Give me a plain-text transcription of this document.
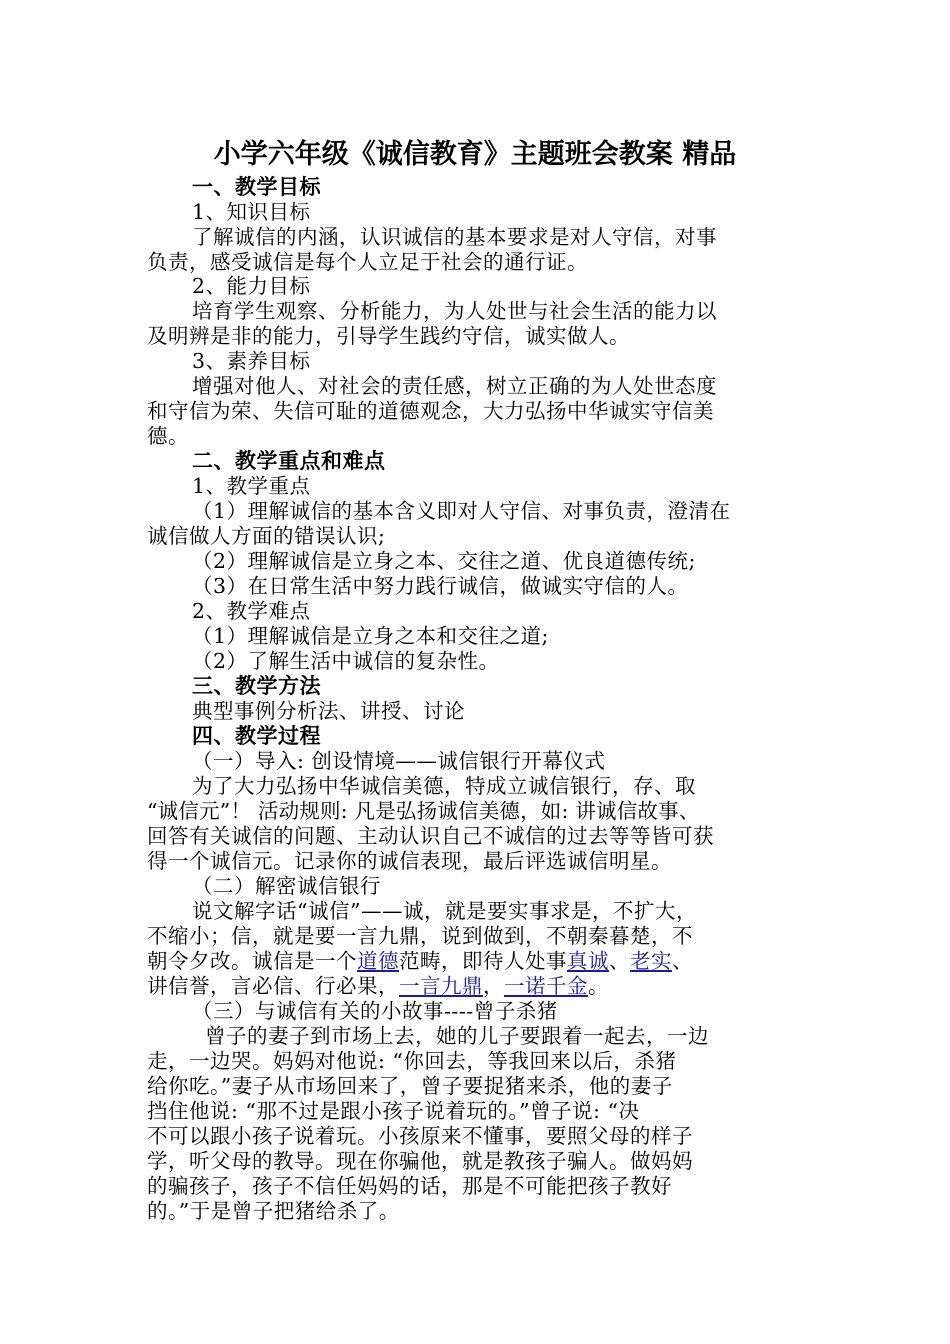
小学六年级《诚信教育》主题班会教案 精品
一、教学目标
1、知识目标
了解诚信的内涵，认识诚信的基本要求是对人守信，对事
负责，感受诚信是每个人立足于社会的通行证。
2、能力目标
培育学生观察、分析能力，为人处世与社会生活的能力以
及明辨是非的能力，引导学生践约守信，诚实做人。
3、素养目标
增强对他人、对社会的责任感，树立正确的为人处世态度
和守信为荣、失信可耻的道德观念，大力弘扬中华诚实守信美
德。
二、教学重点和难点
1、教学重点
（1）理解诚信的基本含义即对人守信、对事负责，澄清在
诚信做人方面的错误认识;
（2）理解诚信是立身之本、交往之道、优良道德传统;
（3）在日常生活中努力践行诚信，做诚实守信的人。
2、教学难点
（1）理解诚信是立身之本和交往之道;
（2）了解生活中诚信的复杂性。
三、教学方法
典型事例分析法、讲授、讨论
四、教学过程
（一）导入: 创设情境——诚信银行开幕仪式
为了大力弘扬中华诚信美德，特成立诚信银行，存、取
“诚信元”！ 活动规则: 凡是弘扬诚信美德，如: 讲诚信故事、
回答有关诚信的问题、主动认识自己不诚信的过去等等皆可获
得一个诚信元。记录你的诚信表现，最后评选诚信明星。
（二）解密诚信银行
说文解字话“诚信”——诚，就是要实事求是，不扩大，
不缩小；信，就是要一言九鼎，说到做到，不朝秦暮楚，不
朝令夕改。诚信是一个道德范畴，即待人处事真诚、老实、
讲信誉，言必信、行必果，一言九鼎，一诺千金。
（三）与诚信有关的小故事----曾子杀猪
曾子的妻子到市场上去，她的儿子要跟着一起去，一边
走，一边哭。妈妈对他说: “你回去，等我回来以后，杀猪
给你吃。”妻子从市场回来了，曾子要捉猪来杀，他的妻子
挡住他说: “那不过是跟小孩子说着玩的。”曾子说: “决
不可以跟小孩子说着玩。小孩原来不懂事，要照父母的样子
学，听父母的教导。现在你骗他，就是教孩子骗人。做妈妈
的骗孩子，孩子不信任妈妈的话，那是不可能把孩子教好
的。”于是曾子把猪给杀了。
